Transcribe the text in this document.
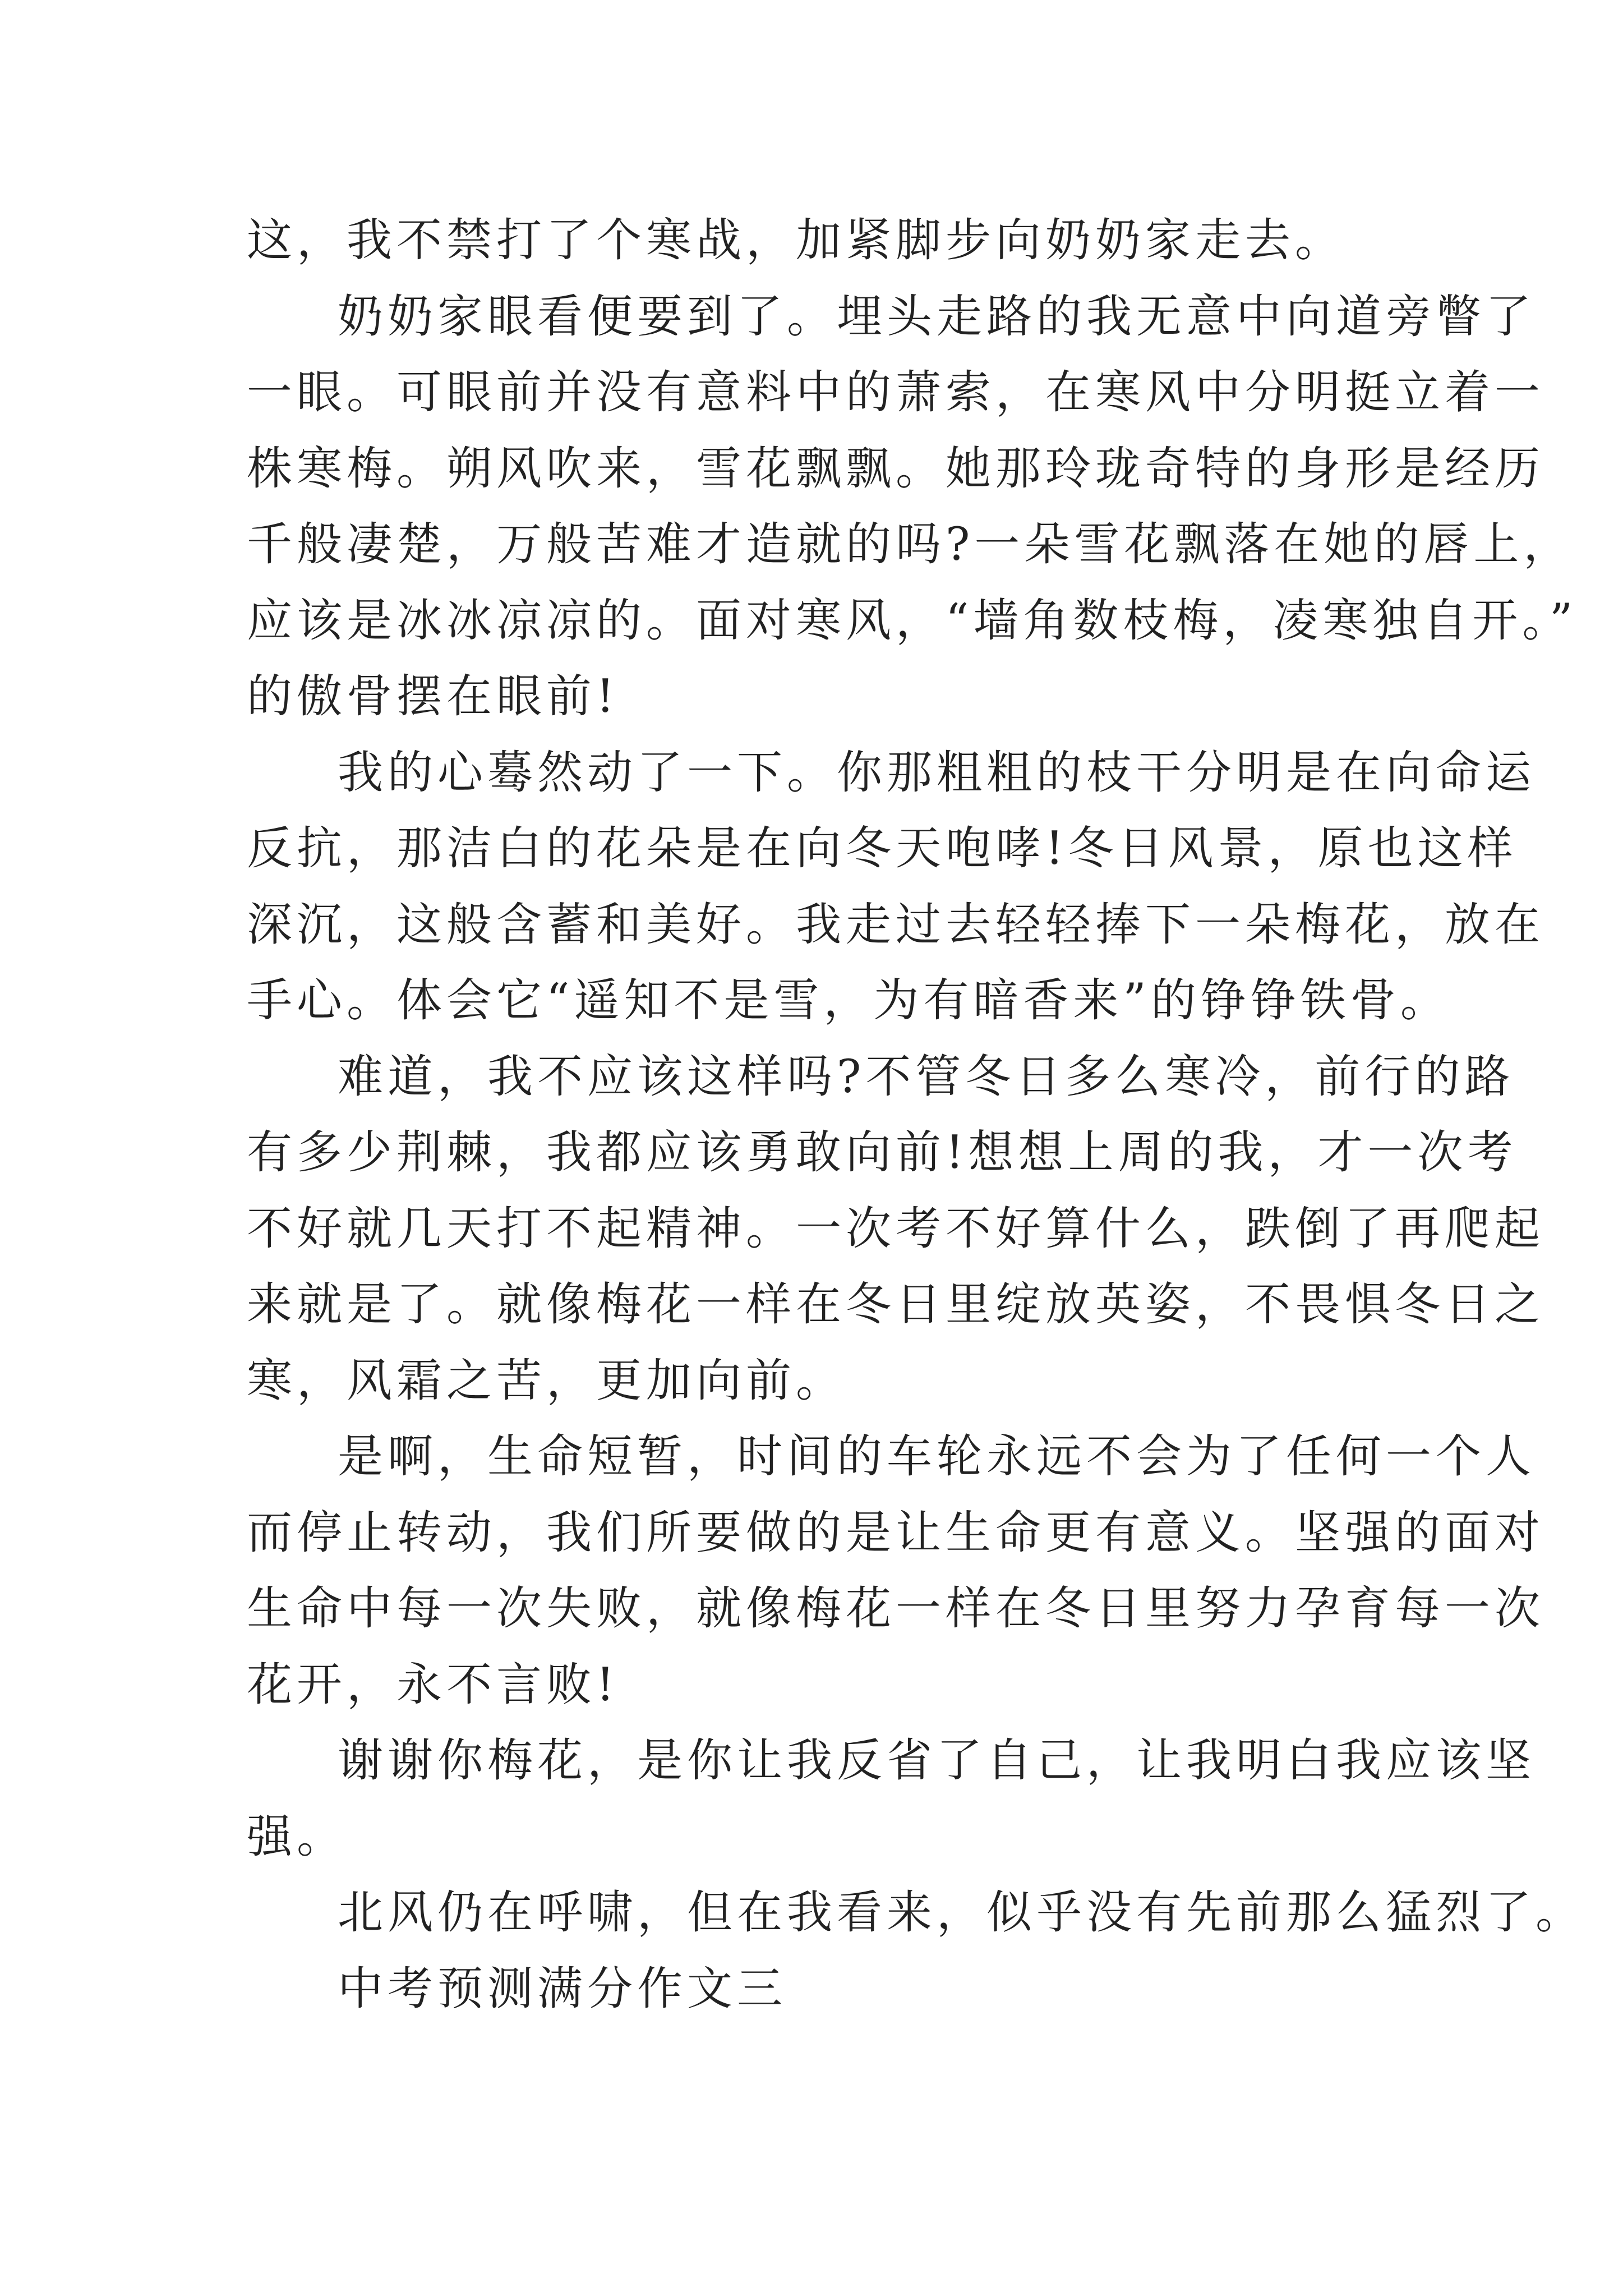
这，我不禁打了个寒战，加紧脚步向奶奶家走去。
奶奶家眼看便要到了。埋头走路的我无意中向道旁瞥了
一眼。可眼前并没有意料中的萧索，在寒风中分明挺立着一
株寒梅。朔风吹来，雪花飘飘。她那玲珑奇特的身形是经历
千般凄楚，万般苦难才造就的吗?一朵雪花飘落在她的唇上，
应该是冰冰凉凉的。面对寒风，“墙角数枝梅，凌寒独自开。”
的傲骨摆在眼前!
我的心蓦然动了一下。你那粗粗的枝干分明是在向命运
反抗，那洁白的花朵是在向冬天咆哮!冬日风景，原也这样
深沉，这般含蓄和美好。我走过去轻轻捧下一朵梅花，放在
手心。体会它“遥知不是雪，为有暗香来”的铮铮铁骨。
难道，我不应该这样吗?不管冬日多么寒冷，前行的路
有多少荆棘，我都应该勇敢向前!想想上周的我，才一次考
不好就几天打不起精神。一次考不好算什么，跌倒了再爬起
来就是了。就像梅花一样在冬日里绽放英姿，不畏惧冬日之
寒，风霜之苦，更加向前。
是啊，生命短暂，时间的车轮永远不会为了任何一个人
而停止转动，我们所要做的是让生命更有意义。坚强的面对
生命中每一次失败，就像梅花一样在冬日里努力孕育每一次
花开，永不言败!
谢谢你梅花，是你让我反省了自己，让我明白我应该坚
强。
北风仍在呼啸，但在我看来，似乎没有先前那么猛烈了。
中考预测满分作文三
